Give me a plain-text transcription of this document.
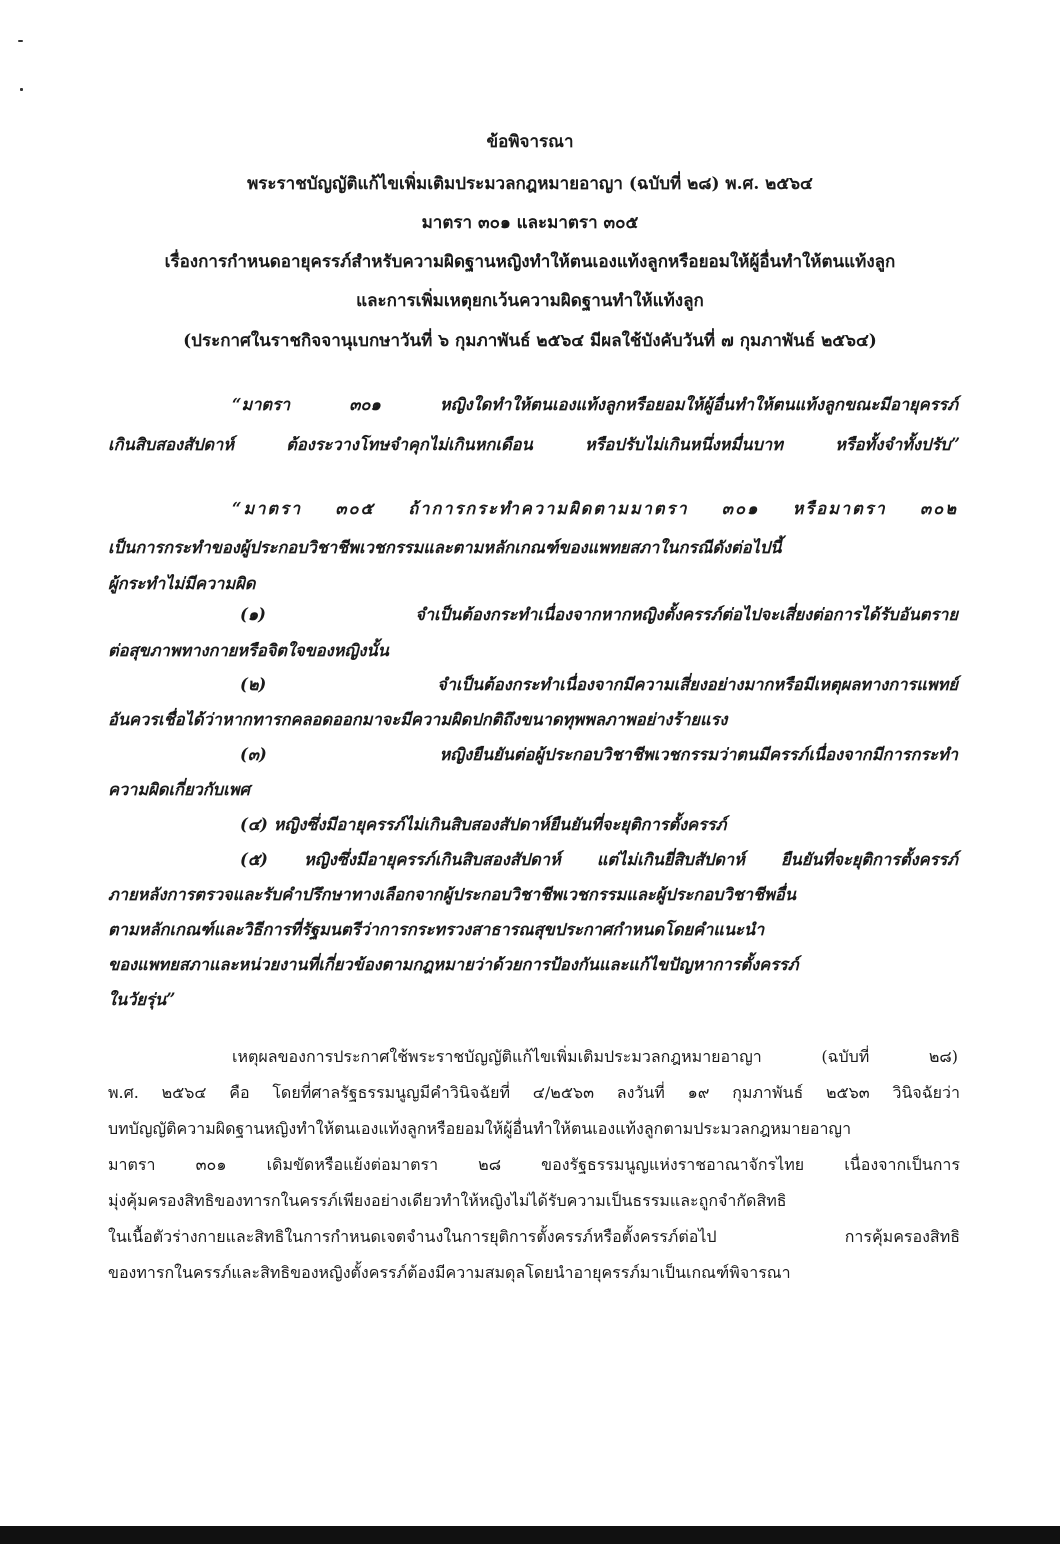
ข้อพิจารณา
พระราชบัญญัติแก้ไขเพิ่มเติมประมวลกฎหมายอาญา (ฉบับที่ ๒๘) พ.ศ. ๒๕๖๔
มาตรา ๓๐๑ และมาตรา ๓๐๕
เรื่องการกำหนดอายุครรภ์สำหรับความผิดฐานหญิงทำให้ตนเองแท้งลูกหรือยอมให้ผู้อื่นทำให้ตนแท้งลูก
และการเพิ่มเหตุยกเว้นความผิดฐานทำให้แท้งลูก
(ประกาศในราชกิจจานุเบกษาวันที่ ๖ กุมภาพันธ์ ๒๕๖๔ มีผลใช้บังคับวันที่ ๗ กุมภาพันธ์ ๒๕๖๔)
“มาตรา ๓๐๑ หญิงใดทำให้ตนเองแท้งลูกหรือยอมให้ผู้อื่นทำให้ตนแท้งลูกขณะมีอายุครรภ์
เกินสิบสองสัปดาห์ ต้องระวางโทษจำคุกไม่เกินหกเดือน หรือปรับไม่เกินหนึ่งหมื่นบาท หรือทั้งจำทั้งปรับ”
“มาตรา ๓๐๕ ถ้าการกระทำความผิดตามมาตรา ๓๐๑ หรือมาตรา ๓๐๒
เป็นการกระทำของผู้ประกอบวิชาชีพเวชกรรมและตามหลักเกณฑ์ของแพทยสภาในกรณีดังต่อไปนี้
ผู้กระทำไม่มีความผิด
(๑) จำเป็นต้องกระทำเนื่องจากหากหญิงตั้งครรภ์ต่อไปจะเสี่ยงต่อการได้รับอันตราย
ต่อสุขภาพทางกายหรือจิตใจของหญิงนั้น
(๒) จำเป็นต้องกระทำเนื่องจากมีความเสี่ยงอย่างมากหรือมีเหตุผลทางการแพทย์
อันควรเชื่อได้ว่าหากทารกคลอดออกมาจะมีความผิดปกติถึงขนาดทุพพลภาพอย่างร้ายแรง
(๓) หญิงยืนยันต่อผู้ประกอบวิชาชีพเวชกรรมว่าตนมีครรภ์เนื่องจากมีการกระทำ
ความผิดเกี่ยวกับเพศ
(๔) หญิงซึ่งมีอายุครรภ์ไม่เกินสิบสองสัปดาห์ยืนยันที่จะยุติการตั้งครรภ์
(๕) หญิงซึ่งมีอายุครรภ์เกินสิบสองสัปดาห์ แต่ไม่เกินยี่สิบสัปดาห์ ยืนยันที่จะยุติการตั้งครรภ์
ภายหลังการตรวจและรับคำปรึกษาทางเลือกจากผู้ประกอบวิชาชีพเวชกรรมและผู้ประกอบวิชาชีพอื่น
ตามหลักเกณฑ์และวิธีการที่รัฐมนตรีว่าการกระทรวงสาธารณสุขประกาศกำหนดโดยคำแนะนำ
ของแพทยสภาและหน่วยงานที่เกี่ยวข้องตามกฎหมายว่าด้วยการป้องกันและแก้ไขปัญหาการตั้งครรภ์
ในวัยรุ่น”
เหตุผลของการประกาศใช้พระราชบัญญัติแก้ไขเพิ่มเติมประมวลกฎหมายอาญา (ฉบับที่ ๒๘)
พ.ศ. ๒๕๖๔ คือ โดยที่ศาลรัฐธรรมนูญมีคำวินิจฉัยที่ ๔/๒๕๖๓ ลงวันที่ ๑๙ กุมภาพันธ์ ๒๕๖๓ วินิจฉัยว่า
บทบัญญัติความผิดฐานหญิงทำให้ตนเองแท้งลูกหรือยอมให้ผู้อื่นทำให้ตนเองแท้งลูกตามประมวลกฎหมายอาญา
มาตรา ๓๐๑ เดิมขัดหรือแย้งต่อมาตรา ๒๘ ของรัฐธรรมนูญแห่งราชอาณาจักรไทย เนื่องจากเป็นการ
มุ่งคุ้มครองสิทธิของทารกในครรภ์เพียงอย่างเดียวทำให้หญิงไม่ได้รับความเป็นธรรมและถูกจำกัดสิทธิ
ในเนื้อตัวร่างกายและสิทธิในการกำหนดเจตจำนงในการยุติการตั้งครรภ์หรือตั้งครรภ์ต่อไป การคุ้มครองสิทธิ
ของทารกในครรภ์และสิทธิของหญิงตั้งครรภ์ต้องมีความสมดุลโดยนำอายุครรภ์มาเป็นเกณฑ์พิจารณา
